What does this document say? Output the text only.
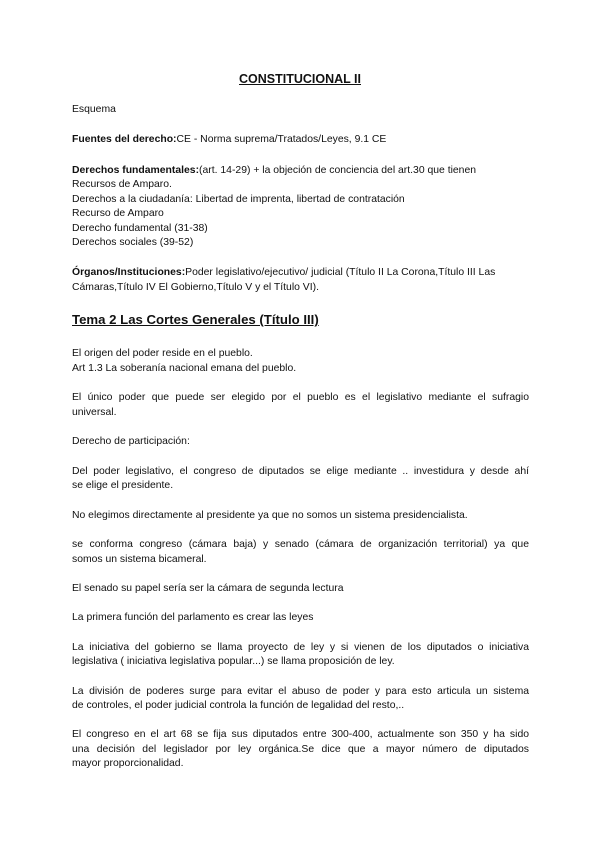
CONSTITUCIONAL II
Esquema
Fuentes del derecho:CE - Norma suprema/Tratados/Leyes, 9.1 CE
Derechos fundamentales:(art. 14-29) + la objeción de conciencia del art.30 que tienen
Recursos de Amparo.
Derechos a la ciudadanía: Libertad de imprenta, libertad de contratación
Recurso de Amparo
Derecho fundamental (31-38)
Derechos sociales (39-52)
Órganos/Instituciones:Poder legislativo/ejecutivo/ judicial (Título II La Corona,Título III Las
Cámaras,Título IV El Gobierno,Título V y el Título VI).
Tema 2 Las Cortes Generales (Título III)
El origen del poder reside en el pueblo.
Art 1.3 La soberanía nacional emana del pueblo.
El único poder que puede ser elegido por el pueblo es el legislativo mediante el sufragio
universal.
Derecho de participación:
Del poder legislativo, el congreso de diputados se elige mediante .. investidura y desde ahí
se elige el presidente.
No elegimos directamente al presidente ya que no somos un sistema presidencialista.
se conforma congreso (cámara baja) y senado (cámara de organización territorial) ya que
somos un sistema bicameral.
El senado su papel sería ser la cámara de segunda lectura
La primera función del parlamento es crear las leyes
La iniciativa del gobierno se llama proyecto de ley y si vienen de los diputados o iniciativa
legislativa ( iniciativa legislativa popular...) se llama proposición de ley.
La división de poderes surge para evitar el abuso de poder y para esto articula un sistema
de controles, el poder judicial controla la función de legalidad del resto,..
El congreso en el art 68 se fija sus diputados entre 300-400, actualmente son 350 y ha sido
una decisión del legislador por ley orgánica.Se dice que a mayor número de diputados
mayor proporcionalidad.
